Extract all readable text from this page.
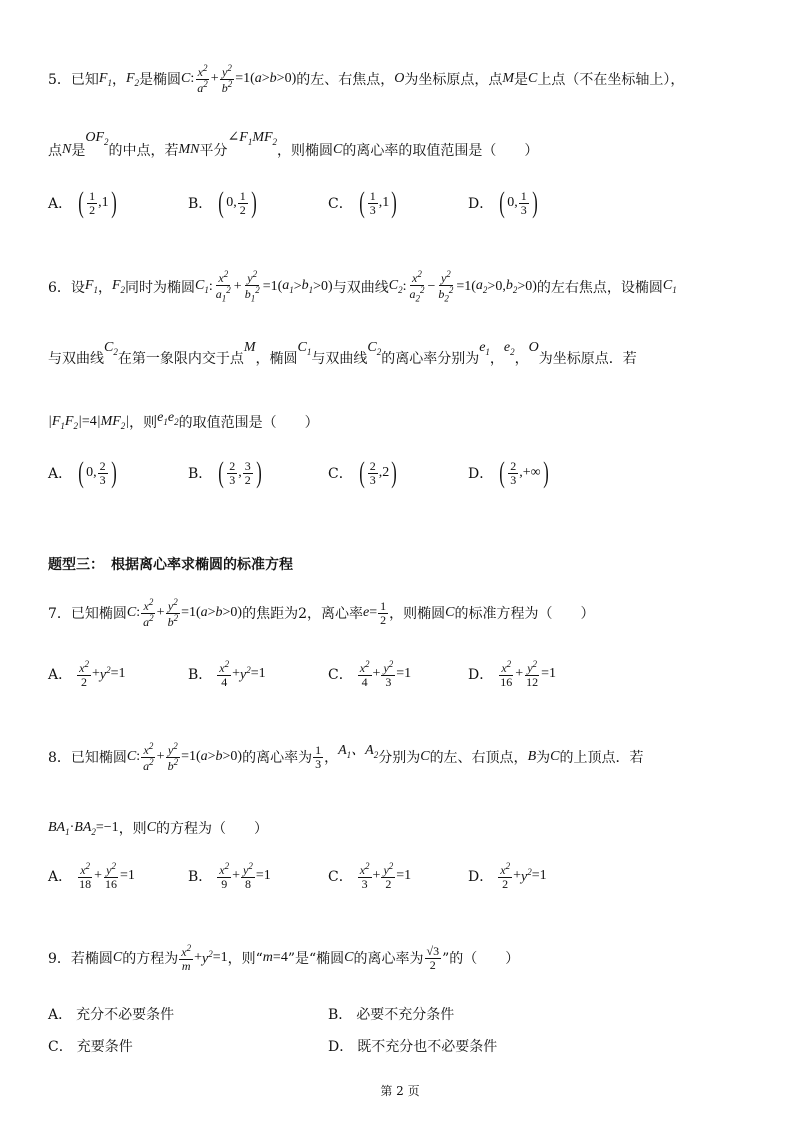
5．已知 $F_1$ ， $F_2$ 是椭圆 C : $\frac{x^2}{a^2} + \frac{y^2}{b^2} =1$ ( a > b >0) 的左、右焦点， O 为坐标原点，点 M 是 C 上点（不在坐标轴上），
点 N 是
$OF_2$
的中点，若 MN 平分
$\angle F_1MF_2$
，则椭圆 C 的离心率的取值范围是（　　）
A． ( $\frac{1}{2} ,1$ )	B． ( 0, $\frac{1}{2}$ )	C． ( $\frac{1}{3} ,1$ )	D． ( 0, $\frac{1}{3}$ )
6．设 $F_1$ ， $F_2$ 同时为椭圆 $C_1$ : $\frac{x^2}{a_1^2} + \frac{y^2}{b_1^2} =1$( $a_1 > b_1 >0$) 与双曲线 $C_2$ : $\frac{x^2}{a_2^2} - \frac{y^2}{b_2^2} =1$( $a_2 >0$, $b_2 >0$) 的左右焦点，设椭圆 $C_1$
与双曲线
$C_2$ 在第一象限内交于点
M
，椭圆
$C_1$ 与双曲线
$C_2$ 的离心率分别为
$e_1$ ，
$e_2$ ，
O
为坐标原点．若
$|F_1F_2| =4$ $|MF_2|$ ，则 $e_1e_2$ 的取值范围是（　　）
A． ( 0, $\frac{2}{3}$ )	B． ( $\frac{2}{3}$ , $\frac{3}{2}$ )	C． ( $\frac{2}{3} ,2$ )	D． ( $\frac{2}{3}$ ,+∞ )
题型三：　根据离心率求椭圆的标准方程
7．已知椭圆 C : $\frac{x^2}{a^2} + \frac{y^2}{b^2} =1$( a > b >0) 的焦距为2，离心率 $e = \frac{1}{2}$ ，则椭圆 C 的标准方程为（　　）
A． $\frac{x^2}{2} + y^2 =1$	B． $\frac{x^2}{4} + y^2 =1$	C． $\frac{x^2}{4} + \frac{y^2}{3} =1$	D． $\frac{x^2}{16} + \frac{y^2}{12} =1$
8．已知椭圆 C : $\frac{x^2}{a^2} + \frac{y^2}{b^2} =1$( a > b >0) 的离心率为 $\frac{1}{3}$ ，
$A_1$、$A_2$ 分别为 C 的左、右顶点， B 为 C 的上顶点．若
$BA_1 \cdot BA_2 =-1$ ，则 C 的方程为（　　）
A． $\frac{x^2}{18} + \frac{y^2}{16} =1$	B． $\frac{x^2}{9} + \frac{y^2}{8} =1$	C． $\frac{x^2}{3} + \frac{y^2}{2} =1$	D． $\frac{x^2}{2} + y^2 =1$
9．若椭圆 C 的方程为 $\frac{x^2}{m} + y^2 =1$ ，则“ m =4 ”是“椭圆 C 的离心率为 $\frac{√3}{2}$ ”的（　　）
A． 充分不必要条件	B． 必要不充分条件
C． 充要条件	D． 既不充分也不必要条件
第 2 页
